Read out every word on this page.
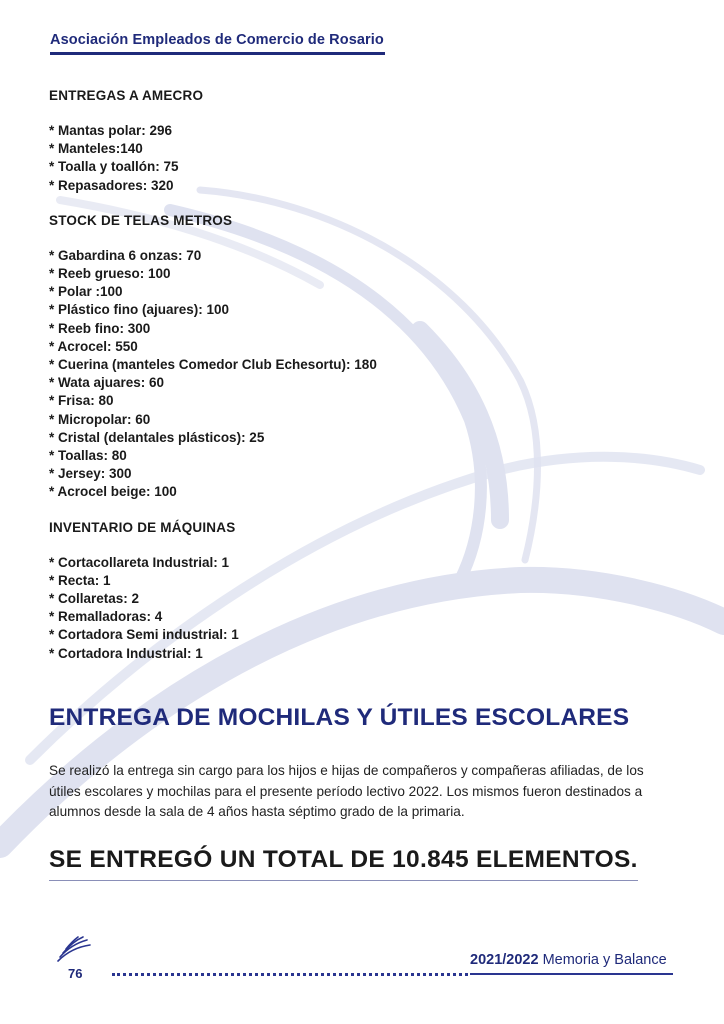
Asociación Empleados de Comercio de Rosario

ENTREGAS A AMECRO

* Mantas polar: 296
* Manteles:140
* Toalla y toallón: 75
* Repasadores: 320

STOCK DE TELAS METROS

* Gabardina 6 onzas: 70
* Reeb grueso: 100
* Polar :100
* Plástico fino (ajuares): 100
* Reeb fino: 300
* Acrocel: 550
* Cuerina (manteles Comedor Club Echesortu): 180
* Wata ajuares: 60
* Frisa: 80
* Micropolar: 60
* Cristal (delantales plásticos): 25
* Toallas: 80
* Jersey: 300
* Acrocel beige: 100

INVENTARIO DE MÁQUINAS

* Cortacollareta Industrial: 1
* Recta: 1
* Collaretas: 2
* Remalladoras: 4
* Cortadora Semi industrial: 1
* Cortadora Industrial: 1
ENTREGA DE MOCHILAS Y ÚTILES ESCOLARES

Se realizó la entrega sin cargo para los hijos e hijas de compañeros y compañeras afiliadas, de los útiles escolares y mochilas para el presente período lectivo 2022. Los mismos fueron destinados a alumnos desde la sala de 4 años hasta séptimo grado de la primaria.

SE ENTREGÓ UN TOTAL DE 10.845 ELEMENTOS.

76
2021/2022 Memoria y Balance
